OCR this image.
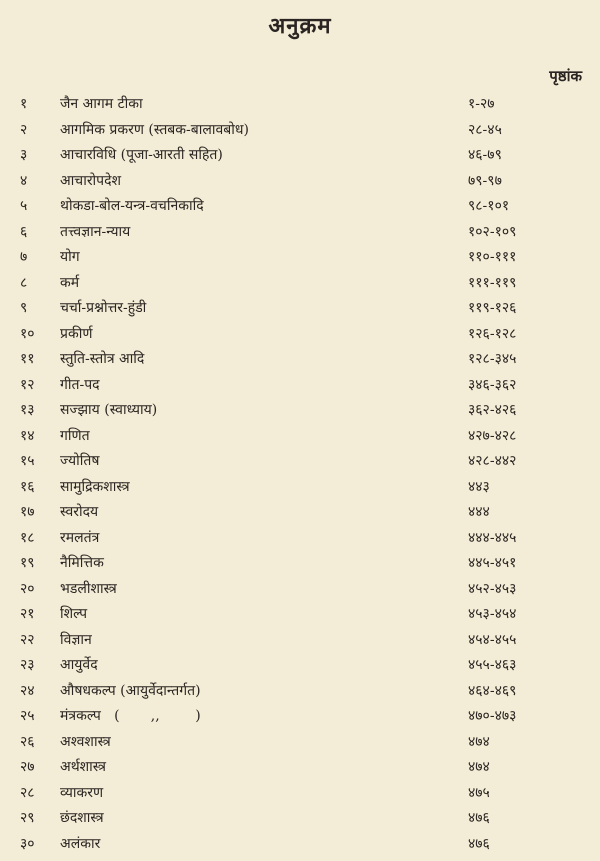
अनुक्रम
पृष्ठांक
१	जैन आगम टीका	१-२७
२	आगमिक प्रकरण (स्तबक-बालावबोध)	२८-४५
३	आचारविधि (पूजा-आरती सहित)	४६-७९
४	आचारोपदेश	७९-९७
५	थोकडा-बोल-यन्त्र-वचनिकादि	९८-१०१
६	तत्त्वज्ञान-न्याय	१०२-१०९
७	योग	११०-१११
८	कर्म	१११-११९
९	चर्चा-प्रश्नोत्तर-हुंडी	११९-१२६
१०	प्रकीर्ण	१२६-१२८
११	स्तुति-स्तोत्र आदि	१२८-३४५
१२	गीत-पद	३४६-३६२
१३	सज्झाय (स्वाध्याय)	३६२-४२६
१४	गणित	४२७-४२८
१५	ज्योतिष	४२८-४४२
१६	सामुद्रिकशास्त्र	४४३
१७	स्वरोदय	४४४
१८	रमलतंत्र	४४४-४४५
१९	नैमित्तिक	४४५-४५१
२०	भडलीशास्त्र	४५२-४५३
२१	शिल्प	४५३-४५४
२२	विज्ञान	४५४-४५५
२३	आयुर्वेद	४५५-४६३
२४	औषधकल्प (आयुर्वेदान्तर्गत)	४६४-४६९
२५	मंत्रकल्प   (       ,,        )	४७०-४७३
२६	अश्वशास्त्र	४७४
२७	अर्थशास्त्र	४७४
२८	व्याकरण	४७५
२९	छंदशास्त्र	४७६
३०	अलंकार	४७६
